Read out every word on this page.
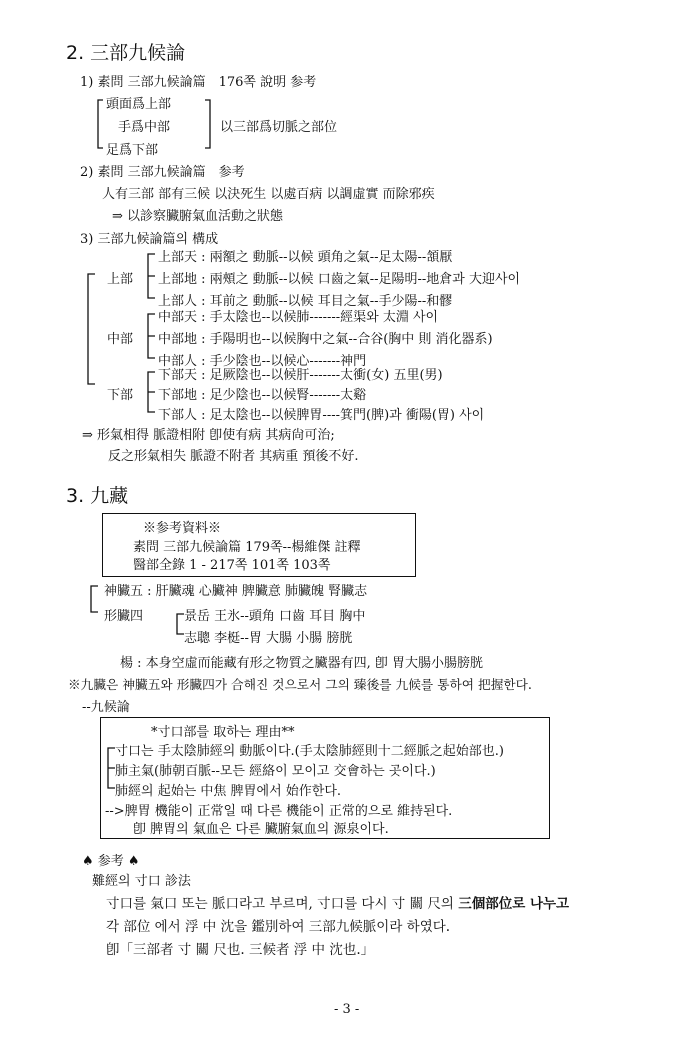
2. 三部九候論
1) 素問 三部九候論篇　176쪽 說明 参考
頭面爲上部
手爲中部
足爲下部
以三部爲切脈之部位
2) 素問 三部九候論篇　参考
人有三部 部有三候 以決死生 以處百病 以調虛實 而除邪疾
⇒ 以診察臟腑氣血活動之狀態
3) 三部九候論篇의 構成
上部
中部
下部
上部天 : 兩額之 動脈--以候 頭角之氣--足太陽--頷厭
上部地 : 兩頰之 動脈--以候 口齒之氣--足陽明--地倉과 大迎사이
上部人 : 耳前之 動脈--以候 耳目之氣--手少陽--和髎
中部天 : 手太陰也--以候肺-------經渠와 太淵 사이
中部地 : 手陽明也--以候胸中之氣--合谷(胸中 則 消化器系)
中部人 : 手少陰也--以候心-------神門
下部天 : 足厥陰也--以候肝-------太衝(女) 五里(男)
下部地 : 足少陰也--以候腎-------太谿
下部人 : 足太陰也--以候脾胃----箕門(脾)과 衝陽(胃) 사이
⇒ 形氣相得 脈證相附 卽使有病 其病尙可治;
反之形氣相失 脈證不附者 其病重 預後不好.
3. 九藏
※参考資料※
素問 三部九候論篇 179쪽--楊維傑 註釋
醫部全錄 1 - 217쪽 101쪽 103쪽
神臟五 : 肝臟魂 心臟神 脾臟意 肺臟魄 腎臟志
形臟四	景岳 王氷--頭角 口齒 耳目 胸中
志聰 李梃--胃 大腸 小腸 膀胱
楊 : 本身空虛而能藏有形之物質之臟器有四, 卽 胃大腸小腸膀胱
※九臟은 神臟五와 形臟四가 合해진 것으로서 그의 臻後를 九候를 통하여 把握한다.
--九候論
*寸口部를 取하는 理由**
寸口는 手太陰肺經의 動脈이다.(手太陰肺經則十二經脈之起始部也.)
肺主氣(肺朝百脈--모든 經絡이 모이고 交會하는 곳이다.)
肺經의 起始는 中焦 脾胃에서 始作한다.
-->脾胃 機能이 正常일 때 다른 機能이 正常的으로 維持된다.
卽 脾胃의 氣血은 다른 臟腑氣血의 源泉이다.
♠ 参考 ♠
難經의 寸口 診法
寸口를 氣口 또는 脈口라고 부르며, 寸口를 다시 寸 關 尺의 三個部位로 나누고
각 部位 에서 浮 中 沈을 鑑別하여 三部九候脈이라 하였다.
卽「三部者 寸 關 尺也. 三候者 浮 中 沈也.」
- 3 -
